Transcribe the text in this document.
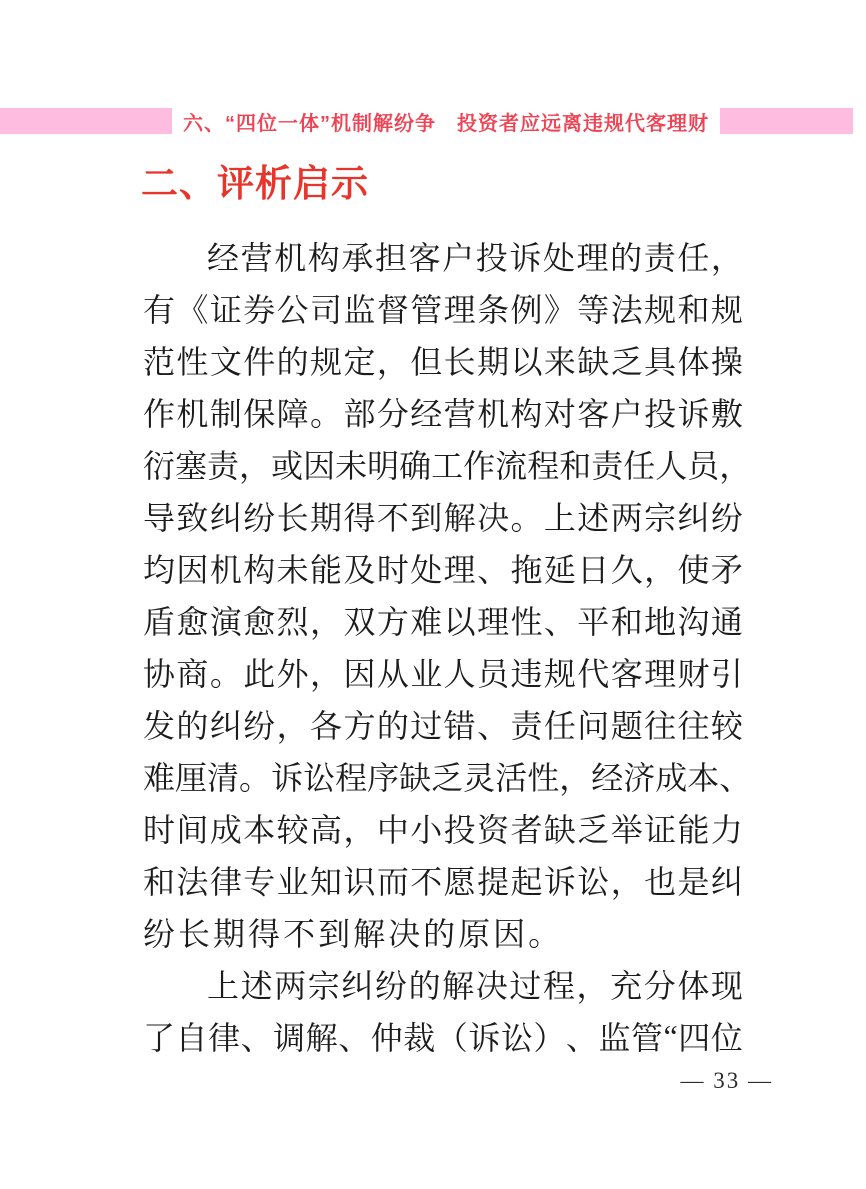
六、“四位一体”机制解纷争　投资者应远离违规代客理财
二、评析启示
经 营 机 构 承 担 客 户 投 诉 处 理 的 责 任 ，
有 《 证 券 公 司 监 督 管 理 条 例 》 等 法 规 和 规
范 性 文 件 的 规 定 ， 但 长 期 以 来 缺 乏 具 体 操
作 机 制 保 障 。 部 分 经 营 机 构 对 客 户 投 诉 敷
衍 塞 责 ， 或 因 未 明 确 工 作 流 程 和 责 任 人 员 ，
导 致 纠 纷 长 期 得 不 到 解 决 。 上 述 两 宗 纠 纷
均 因 机 构 未 能 及 时 处 理 、 拖 延 日 久 ， 使 矛
盾 愈 演 愈 烈 ， 双 方 难 以 理 性 、 平 和 地 沟 通
协 商 。 此 外 ， 因 从 业 人 员 违 规 代 客 理 财 引
发 的 纠 纷 ， 各 方 的 过 错 、 责 任 问 题 往 往 较
难 厘 清 。 诉 讼 程 序 缺 乏 灵 活 性 ， 经 济 成 本 、
时 间 成 本 较 高 ， 中 小 投 资 者 缺 乏 举 证 能 力
和 法 律 专 业 知 识 而 不 愿 提 起 诉 讼 ， 也 是 纠
纷 长 期 得 不 到 解 决 的 原 因 。
上 述 两 宗 纠 纷 的 解 决 过 程 ， 充 分 体 现
了 自 律 、 调 解 、 仲 裁 （ 诉 讼 ） 、 监 管 “ 四 位
— 33 —
